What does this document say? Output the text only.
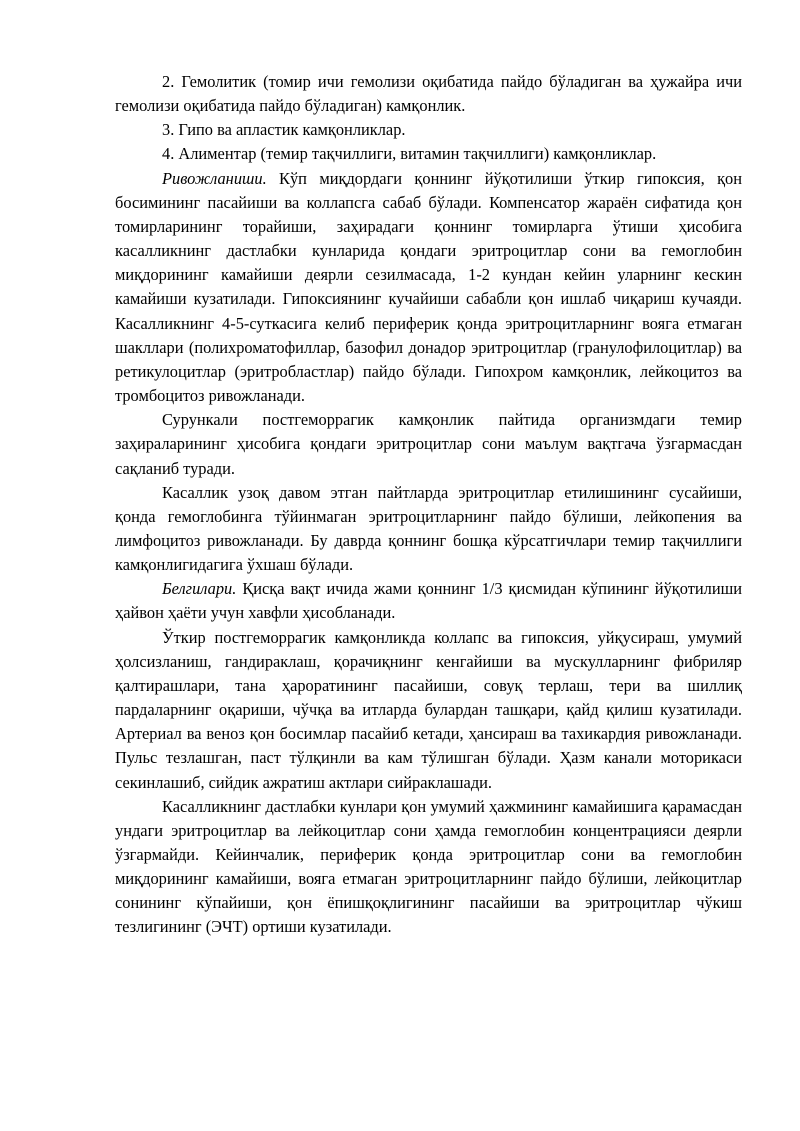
2. Гемолитик (томир ичи гемолизи оқибатида пайдо бўладиган ва ҳужайра ичи гемолизи оқибатида пайдо бўладиган) камқонлик.

3. Гипо ва апластик камқонликлар.

4. Алиментар (темир тақчиллиги, витамин тақчиллиги) камқонликлар.

Ривожланиши. Кўп миқдордаги қоннинг йўқотилиши ўткир гипоксия, қон босимининг пасайиши ва коллапсга сабаб бўлади. Компенсатор жараён сифатида қон томирларининг торайиши, заҳирадаги қоннинг томирларга ўтиши ҳисобига касалликнинг дастлабки кунларида қондаги эритроцитлар сони ва гемоглобин миқдорининг камайиши деярли сезилмасада, 1-2 кундан кейин уларнинг кескин камайиши кузатилади. Гипоксиянинг кучайиши сабабли қон ишлаб чиқариш кучаяди. Касалликнинг 4-5-суткасига келиб периферик қонда эритроцитларнинг вояга етмаган шакллари (полихроматофиллар, базофил донадор эритроцитлар (гранулофилоцитлар) ва ретикулоцитлар (эритробластлар) пайдо бўлади. Гипохром камқонлик, лейкоцитоз ва тромбоцитоз ривожланади.

Сурункали постгеморрагик камқонлик пайтида организмдаги темир заҳираларининг ҳисобига қондаги эритроцитлар сони маълум вақтгача ўзгармасдан сақланиб туради.

Касаллик узоқ давом этган пайтларда эритроцитлар етилишининг сусайиши, қонда гемоглобинга тўйинмаган эритроцитларнинг пайдо бўлиши, лейкопения ва лимфоцитоз ривожланади. Бу даврда қоннинг бошқа кўрсатгичлари темир тақчиллиги камқонлигидагига ўхшаш бўлади.

Белгилари. Қисқа вақт ичида жами қоннинг 1/3 қисмидан кўпининг йўқотилиши ҳайвон ҳаёти учун хавфли ҳисобланади.

Ўткир постгеморрагик камқонликда коллапс ва гипоксия, уйқусираш, умумий ҳолсизланиш, гандираклаш, қорачиқнинг кенгайиши ва мускулларнинг фибриляр қалтирашлари, тана ҳароратининг пасайиши, совуқ терлаш, тери ва шиллиқ пардаларнинг оқариши, чўчқа ва итларда булардан ташқари, қайд қилиш кузатилади. Артериал ва веноз қон босимлар пасайиб кетади, ҳансираш ва тахикардия ривожланади. Пульс тезлашган, паст тўлқинли ва кам тўлишган бўлади. Ҳазм канали моторикаси секинлашиб, сийдик ажратиш актлари сийраклашади.

Касалликнинг дастлабки кунлари қон умумий ҳажмининг камайишига қарамасдан ундаги эритроцитлар ва лейкоцитлар сони ҳамда гемоглобин концентрацияси деярли ўзгармайди. Кейинчалик, периферик қонда эритроцитлар сони ва гемоглобин миқдорининг камайиши, вояга етмаган эритроцитларнинг пайдо бўлиши, лейкоцитлар сонининг кўпайиши, қон ёпишқоқлигининг пасайиши ва эритроцитлар чўкиш тезлигининг (ЭЧТ) ортиши кузатилади.
